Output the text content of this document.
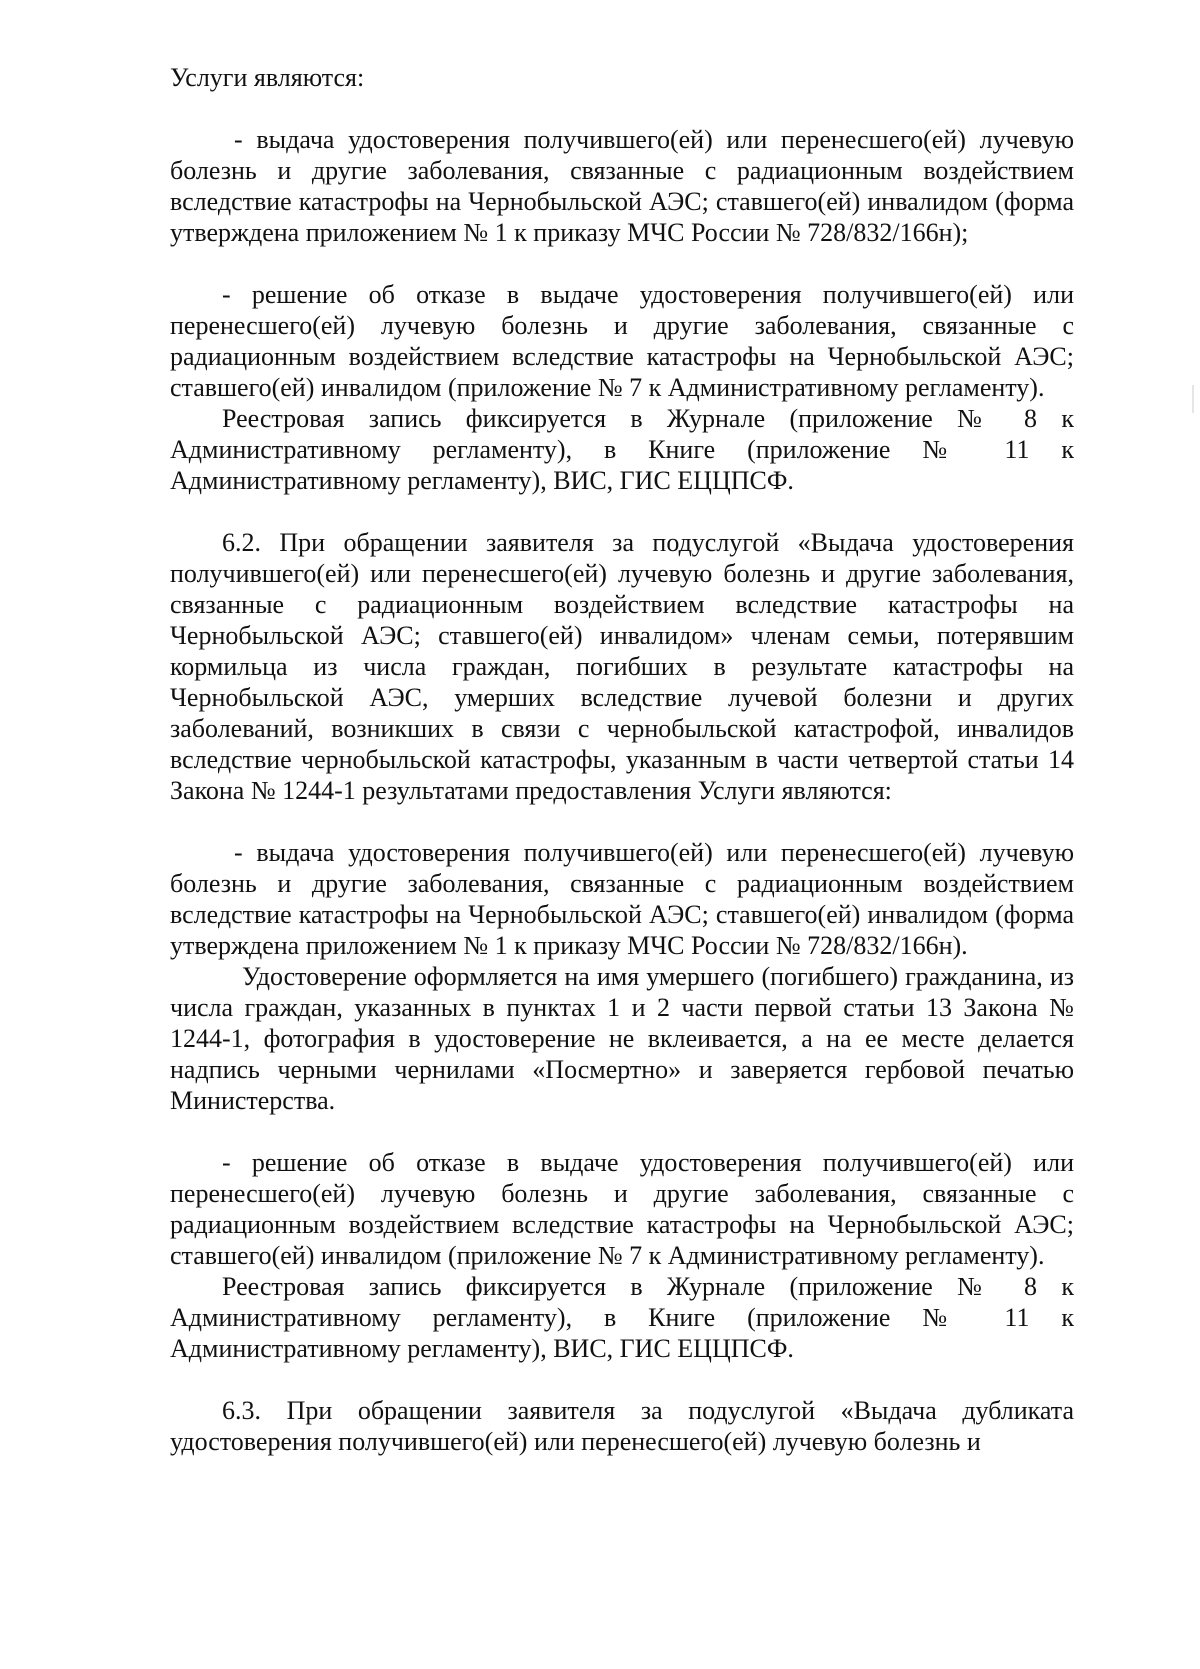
Услуги являются:

- выдача удостоверения получившего(ей) или перенесшего(ей) лучевую болезнь и другие заболевания, связанные с радиационным воздействием вследствие катастрофы на Чернобыльской АЭС; ставшего(ей) инвалидом (форма утверждена приложением № 1 к приказу МЧС России № 728/832/166н);

- решение об отказе в выдаче удостоверения получившего(ей) или перенесшего(ей) лучевую болезнь и другие заболевания, связанные с радиационным воздействием вследствие катастрофы на Чернобыльской АЭС; ставшего(ей) инвалидом (приложение № 7 к Административному регламенту).

Реестровая запись фиксируется в Журнале (приложение № 8 к Административному регламенту), в Книге (приложение № 11 к Административному регламенту), ВИС, ГИС ЕЦЦПСФ.

6.2. При обращении заявителя за подуслугой «Выдача удостоверения получившего(ей) или перенесшего(ей) лучевую болезнь и другие заболевания, связанные с радиационным воздействием вследствие катастрофы на Чернобыльской АЭС; ставшего(ей) инвалидом» членам семьи, потерявшим кормильца из числа граждан, погибших в результате катастрофы на Чернобыльской АЭС, умерших вследствие лучевой болезни и других заболеваний, возникших в связи с чернобыльской катастрофой, инвалидов вследствие чернобыльской катастрофы, указанным в части четвертой статьи 14 Закона № 1244-1 результатами предоставления Услуги являются:

- выдача удостоверения получившего(ей) или перенесшего(ей) лучевую болезнь и другие заболевания, связанные с радиационным воздействием вследствие катастрофы на Чернобыльской АЭС; ставшего(ей) инвалидом (форма утверждена приложением № 1 к приказу МЧС России № 728/832/166н).

Удостоверение оформляется на имя умершего (погибшего) гражданина, из числа граждан, указанных в пунктах 1 и 2 части первой статьи 13 Закона № 1244-1, фотография в удостоверение не вклеивается, а на ее месте делается надпись черными чернилами «Посмертно» и заверяется гербовой печатью Министерства.

- решение об отказе в выдаче удостоверения получившего(ей) или перенесшего(ей) лучевую болезнь и другие заболевания, связанные с радиационным воздействием вследствие катастрофы на Чернобыльской АЭС; ставшего(ей) инвалидом (приложение № 7 к Административному регламенту).

Реестровая запись фиксируется в Журнале (приложение № 8 к Административному регламенту), в Книге (приложение № 11 к Административному регламенту), ВИС, ГИС ЕЦЦПСФ.

6.3. При обращении заявителя за подуслугой «Выдача дубликата удостоверения получившего(ей) или перенесшего(ей) лучевую болезнь и
